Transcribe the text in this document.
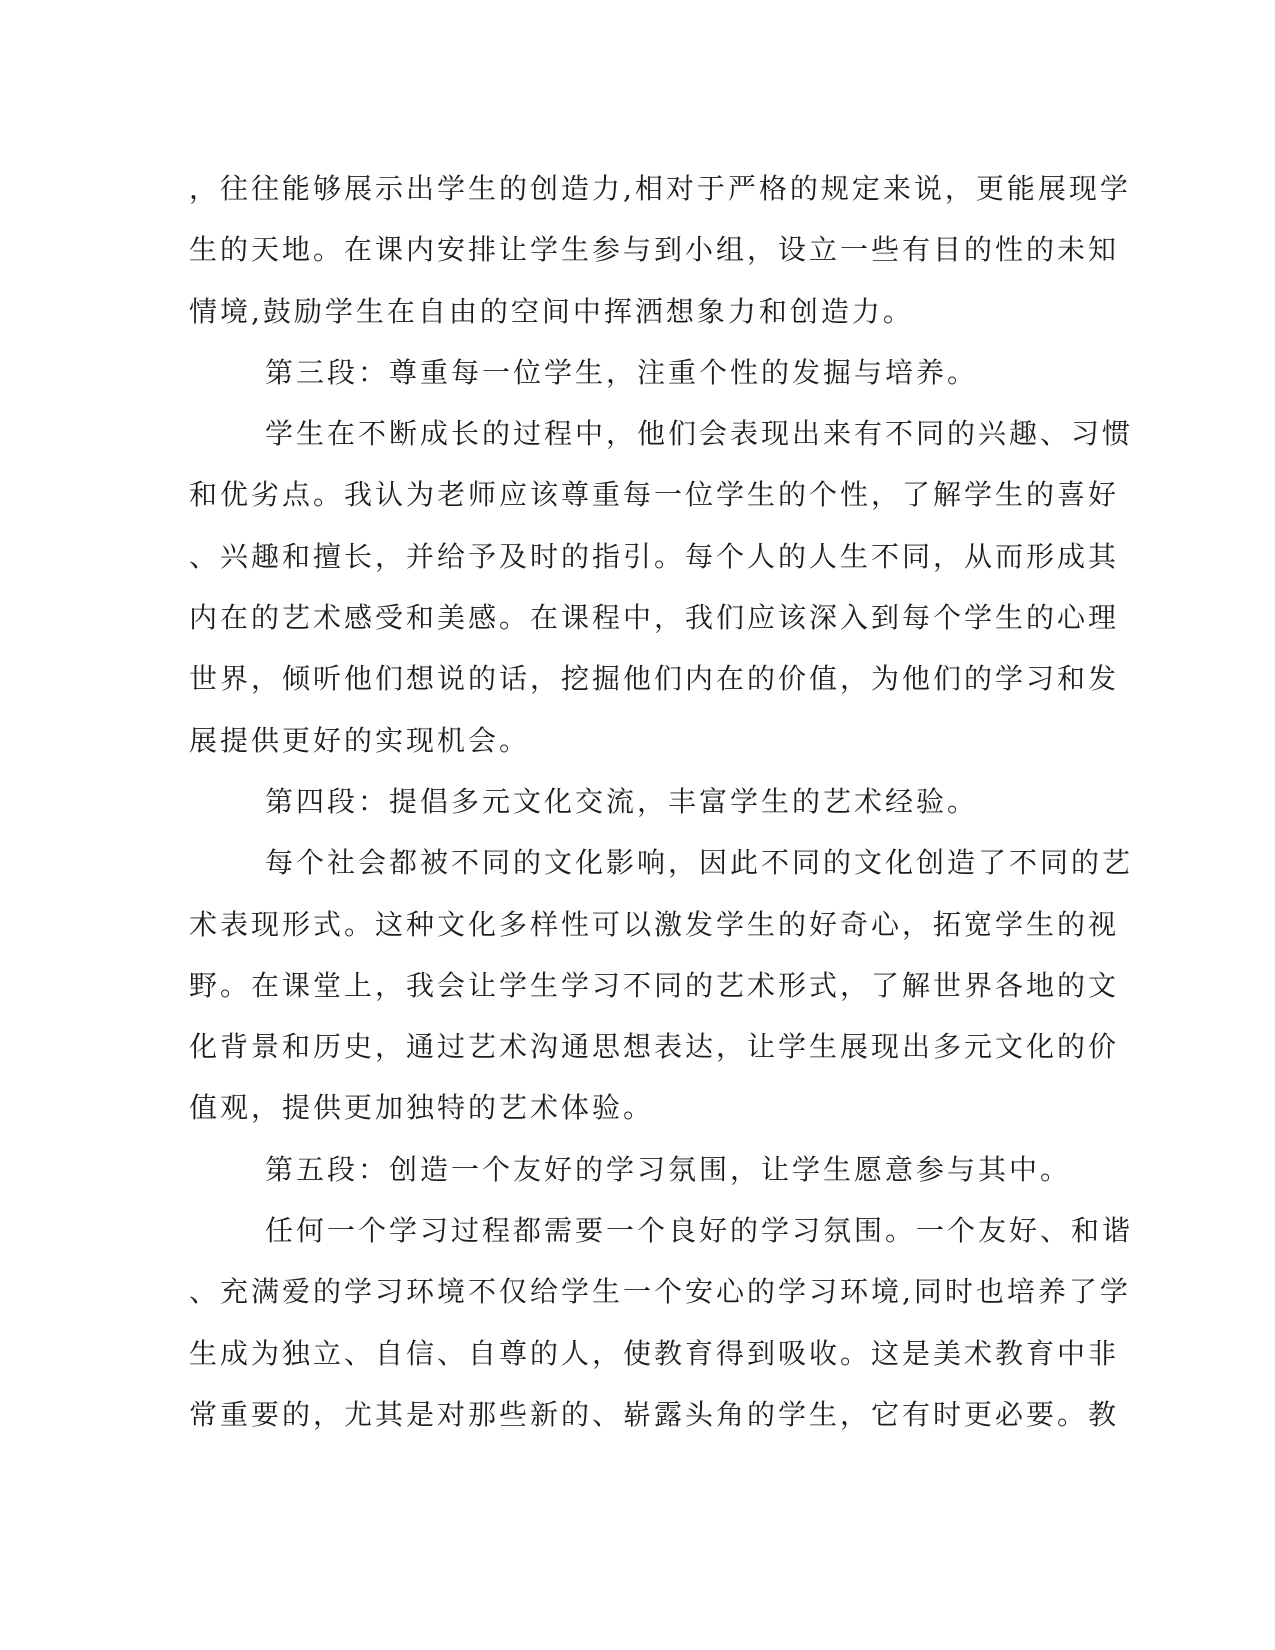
，往往能够展示出学生的创造力,相对于严格的规定来说，更能展现学
生的天地。在课内安排让学生参与到小组，设立一些有目的性的未知
情境,鼓励学生在自由的空间中挥洒想象力和创造力。
第三段：尊重每一位学生，注重个性的发掘与培养。
学生在不断成长的过程中，他们会表现出来有不同的兴趣、习惯
和优劣点。我认为老师应该尊重每一位学生的个性，了解学生的喜好
、兴趣和擅长，并给予及时的指引。每个人的人生不同，从而形成其
内在的艺术感受和美感。在课程中，我们应该深入到每个学生的心理
世界，倾听他们想说的话，挖掘他们内在的价值，为他们的学习和发
展提供更好的实现机会。
第四段：提倡多元文化交流，丰富学生的艺术经验。
每个社会都被不同的文化影响，因此不同的文化创造了不同的艺
术表现形式。这种文化多样性可以激发学生的好奇心，拓宽学生的视
野。在课堂上，我会让学生学习不同的艺术形式，了解世界各地的文
化背景和历史，通过艺术沟通思想表达，让学生展现出多元文化的价
值观，提供更加独特的艺术体验。
第五段：创造一个友好的学习氛围，让学生愿意参与其中。
任何一个学习过程都需要一个良好的学习氛围。一个友好、和谐
、充满爱的学习环境不仅给学生一个安心的学习环境,同时也培养了学
生成为独立、自信、自尊的人，使教育得到吸收。这是美术教育中非
常重要的，尤其是对那些新的、崭露头角的学生，它有时更必要。教
